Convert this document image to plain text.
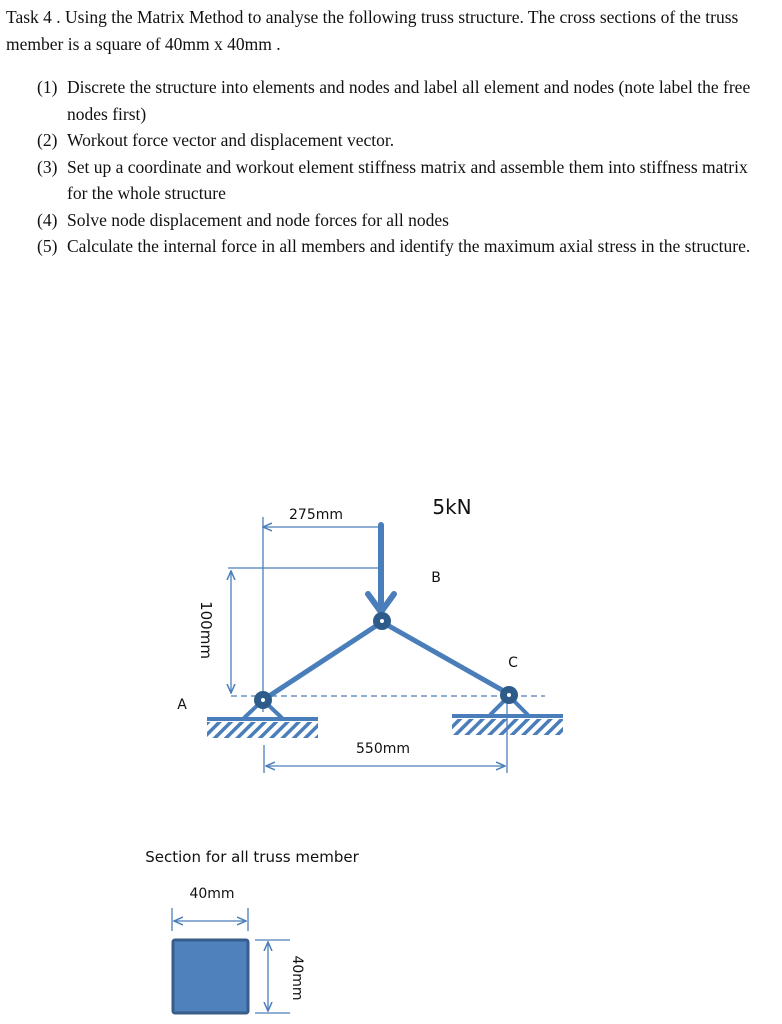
Task 4 . Using the Matrix Method to analyse the following truss structure. The cross sections of the truss member is a square of 40mm x 40mm .

(1) Discrete the structure into elements and nodes and label all element and nodes (note label the free nodes first)
(2) Workout force vector and displacement vector.
(3) Set up a coordinate and workout element stiffness matrix and assemble them into stiffness matrix for the whole structure
(4) Solve node displacement and node forces for all nodes
(5) Calculate the internal force in all members and identify the maximum axial stress in the structure.
275mm	5kN
B
C
A
100mm
550mm
Section for all truss member
40mm
40mm
